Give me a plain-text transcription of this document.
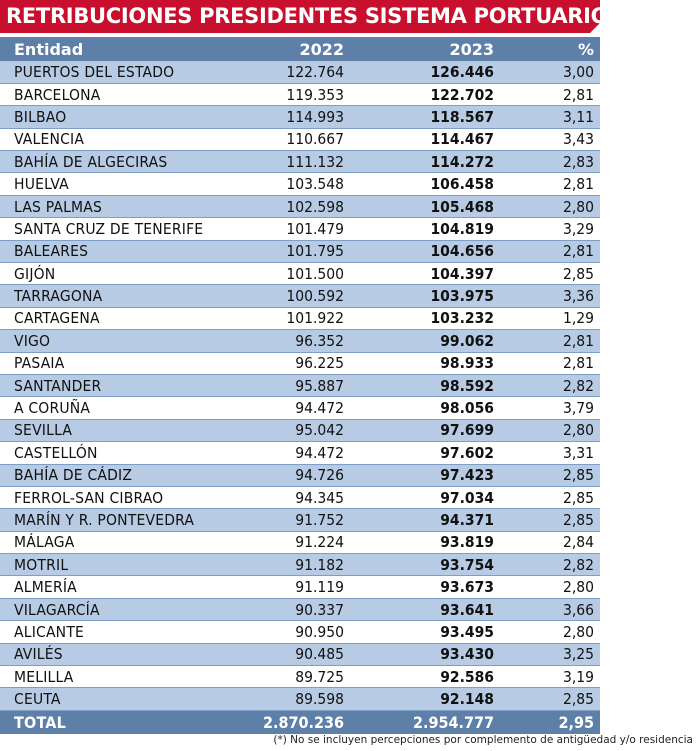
RETRIBUCIONES PRESIDENTES SISTEMA PORTUARIO (euros)
Entidad	2022	2023	%
PUERTOS DEL ESTADO	122.764	126.446	3,00
BARCELONA	119.353	122.702	2,81
BILBAO	114.993	118.567	3,11
VALENCIA	110.667	114.467	3,43
BAHÍA DE ALGECIRAS	111.132	114.272	2,83
HUELVA	103.548	106.458	2,81
LAS PALMAS	102.598	105.468	2,80
SANTA CRUZ DE TENERIFE	101.479	104.819	3,29
BALEARES	101.795	104.656	2,81
GIJÓN	101.500	104.397	2,85
TARRAGONA	100.592	103.975	3,36
CARTAGENA	101.922	103.232	1,29
VIGO	96.352	99.062	2,81
PASAIA	96.225	98.933	2,81
SANTANDER	95.887	98.592	2,82
A CORUÑA	94.472	98.056	3,79
SEVILLA	95.042	97.699	2,80
CASTELLÓN	94.472	97.602	3,31
BAHÍA DE CÁDIZ	94.726	97.423	2,85
FERROL-SAN CIBRAO	94.345	97.034	2,85
MARÍN Y R. PONTEVEDRA	91.752	94.371	2,85
MÁLAGA	91.224	93.819	2,84
MOTRIL	91.182	93.754	2,82
ALMERÍA	91.119	93.673	2,80
VILAGARCÍA	90.337	93.641	3,66
ALICANTE	90.950	93.495	2,80
AVILÉS	90.485	93.430	3,25
MELILLA	89.725	92.586	3,19
CEUTA	89.598	92.148	2,85
TOTAL	2.870.236	2.954.777	2,95
(*) No se incluyen percepciones por complemento de antigüedad y/o residencia
